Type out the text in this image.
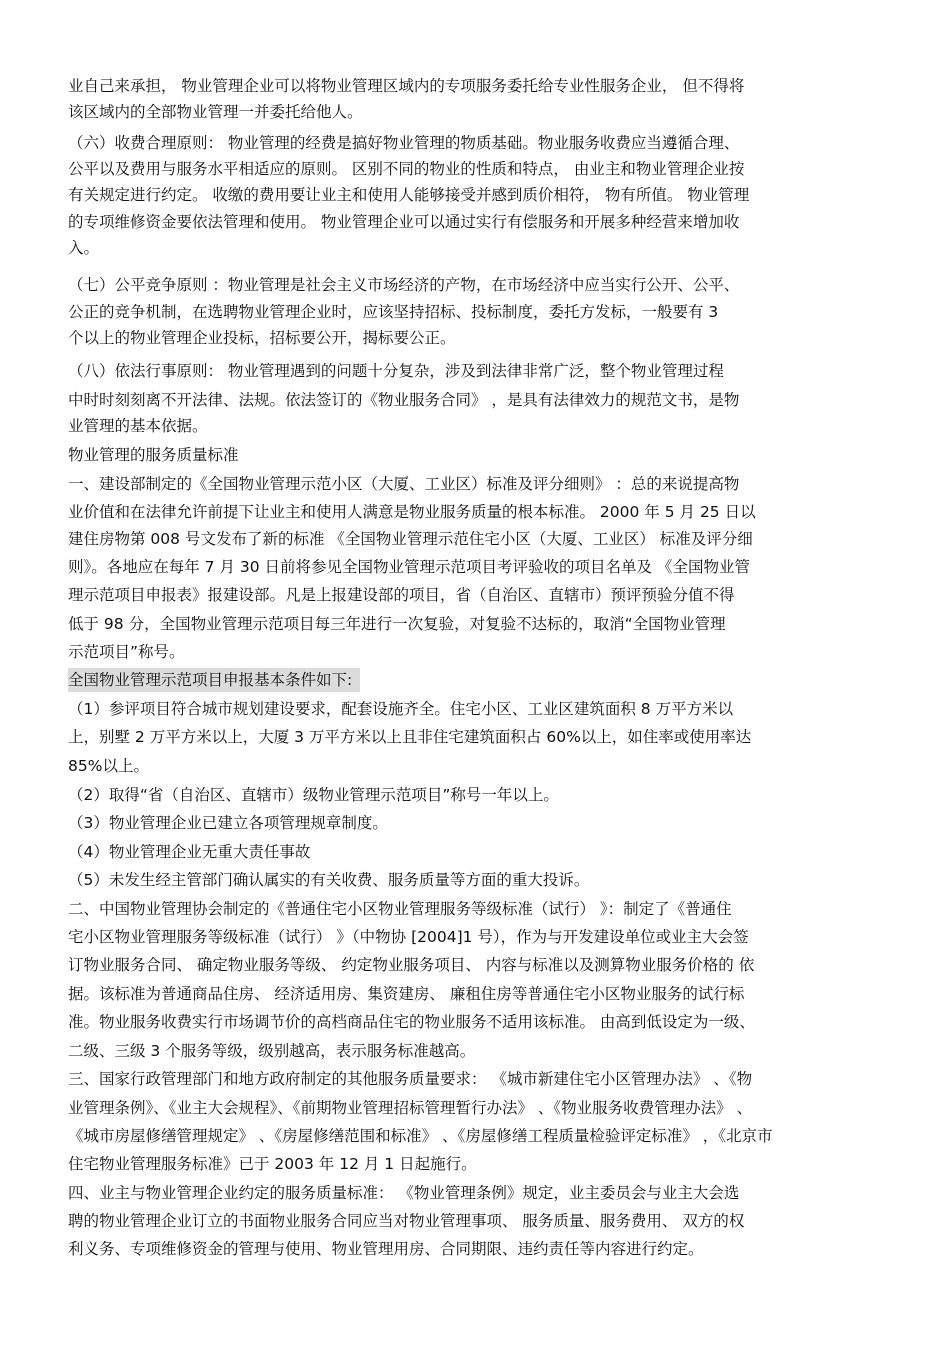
业自己来承担， 物业管理企业可以将物业管理区域内的专项服务委托给专业性服务企业， 但不得将
该区域内的全部物业管理一并委托给他人。
（六）收费合理原则： 物业管理的经费是搞好物业管理的物质基础。物业服务收费应当遵循合理、
公平以及费用与服务水平相适应的原则。 区别不同的物业的性质和特点， 由业主和物业管理企业按
有关规定进行约定。 收缴的费用要让业主和使用人能够接受并感到质价相符， 物有所值。 物业管理
的专项维修资金要依法管理和使用。 物业管理企业可以通过实行有偿服务和开展多种经营来增加收
入。
（七）公平竞争原则 ：物业管理是社会主义市场经济的产物，在市场经济中应当实行公开、公平、
公正的竞争机制，在选聘物业管理企业时，应该坚持招标、投标制度，委托方发标，一般要有 3
个以上的物业管理企业投标，招标要公开，揭标要公正。
（八）依法行事原则： 物业管理遇到的问题十分复杂，涉及到法律非常广泛，整个物业管理过程
中时时刻刻离不开法律、法规。依法签订的《物业服务合同》 ，是具有法律效力的规范文书，是物
业管理的基本依据。
物业管理的服务质量标准
一、建设部制定的《全国物业管理示范小区（大厦、工业区）标准及评分细则》 ：总的来说提高物
业价值和在法律允许前提下让业主和使用人满意是物业服务质量的根本标准。 2000 年 5 月 25 日以
建住房物第 008 号文发布了新的标准 《全国物业管理示范住宅小区（大厦、工业区） 标准及评分细
则》。各地应在每年 7 月 30 日前将参见全国物业管理示范项目考评验收的项目名单及 《全国物业管
理示范项目申报表》报建设部。凡是上报建设部的项目，省（自治区、直辖市）预评预验分值不得
低于 98 分，全国物业管理示范项目每三年进行一次复验，对复验不达标的，取消“全国物业管理
示范项目”称号。
全国物业管理示范项目申报基本条件如下:
（1）参评项目符合城市规划建设要求，配套设施齐全。住宅小区、工业区建筑面积 8 万平方米以
上，别墅 2 万平方米以上，大厦 3 万平方米以上且非住宅建筑面积占 60%以上，如住率或使用率达
85%以上。
（2）取得“省（自治区、直辖市）级物业管理示范项目”称号一年以上。
（3）物业管理企业已建立各项管理规章制度。
（4）物业管理企业无重大责任事故
（5）未发生经主管部门确认属实的有关收费、服务质量等方面的重大投诉。
二、中国物业管理协会制定的《普通住宅小区物业管理服务等级标准（试行） 》：制定了《普通住
宅小区物业管理服务等级标准（试行） 》（中物协 [2004]1 号），作为与开发建设单位或业主大会签
订物业服务合同、 确定物业服务等级、 约定物业服务项目、 内容与标准以及测算物业服务价格的 依
据。该标准为普通商品住房、 经济适用房、集资建房、 廉租住房等普通住宅小区物业服务的试行标
准。物业服务收费实行市场调节价的高档商品住宅的物业服务不适用该标准。 由高到低设定为一级、
二级、三级 3 个服务等级，级别越高，表示服务标准越高。
三、国家行政管理部门和地方政府制定的其他服务质量要求： 《城市新建住宅小区管理办法》 、《物
业管理条例》、《业主大会规程》、《前期物业管理招标管理暂行办法》 、《物业服务收费管理办法》 、
《城市房屋修缮管理规定》 、《房屋修缮范围和标准》 、《房屋修缮工程质量检验评定标准》 ，《北京市
住宅物业管理服务标准》已于 2003 年 12 月 1 日起施行。
四、业主与物业管理企业约定的服务质量标准： 《物业管理条例》规定，业主委员会与业主大会选
聘的物业管理企业订立的书面物业服务合同应当对物业管理事项、 服务质量、服务费用、 双方的权
利义务、专项维修资金的管理与使用、物业管理用房、合同期限、违约责任等内容进行约定。
